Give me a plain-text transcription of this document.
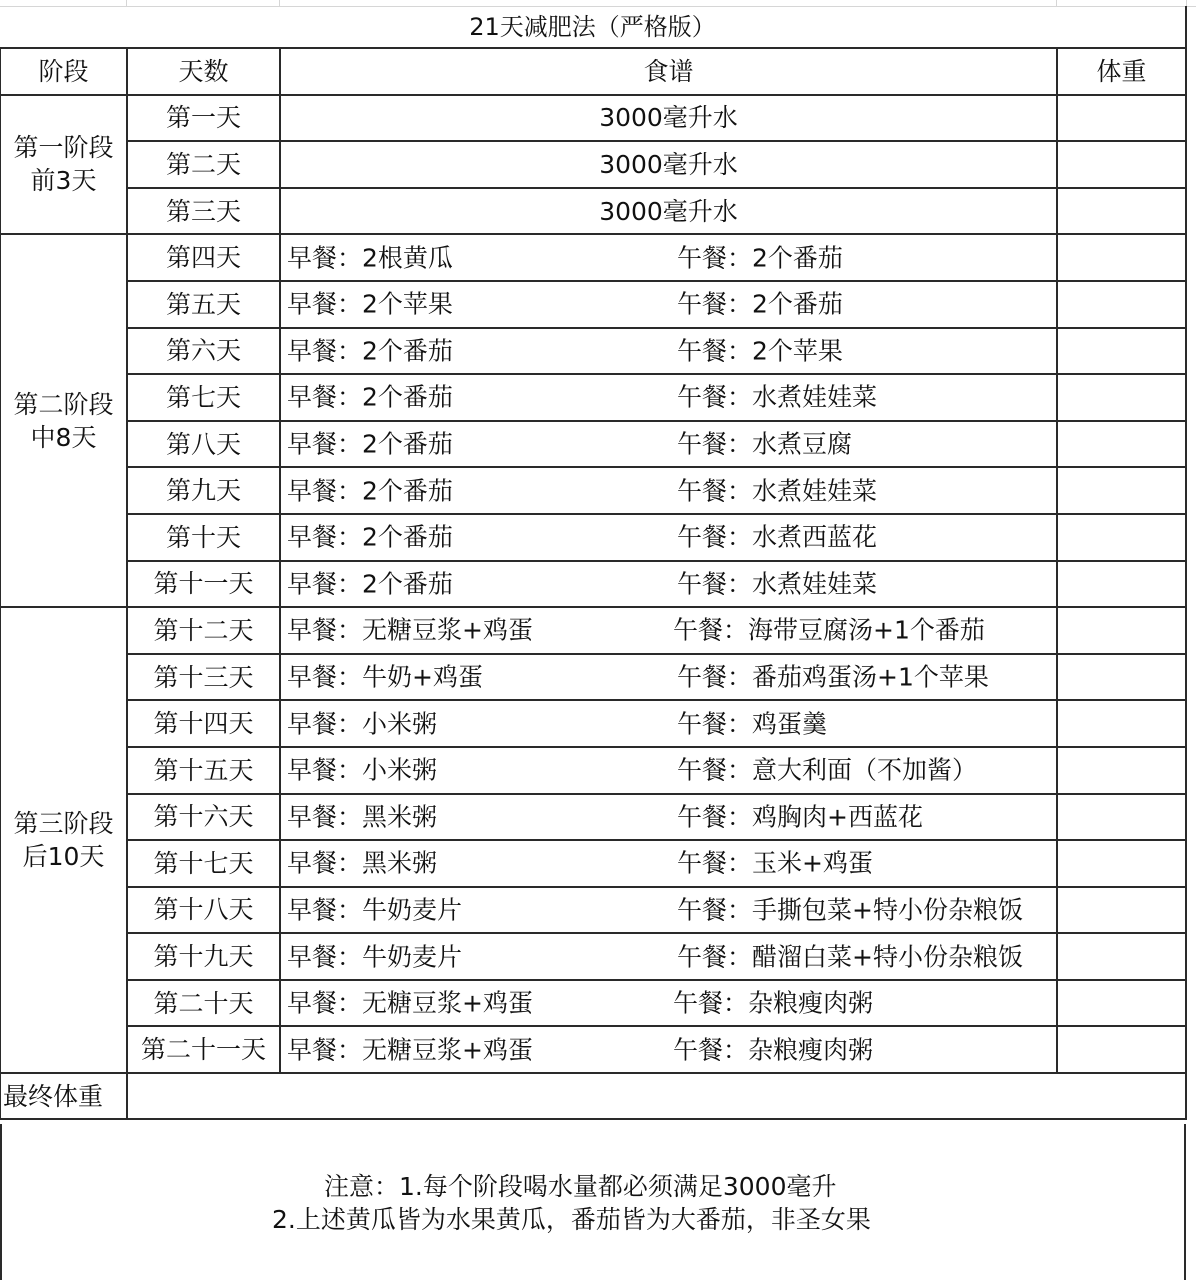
21天减肥法（严格版）			
阶段	天数	食谱	体重
第一阶段
前3天	第一天	3000毫升水	
	第二天	3000毫升水	
	第三天	3000毫升水	
第二阶段
中8天	第四天	早餐：2根黄瓜 午餐：2个番茄	

	第五天	早餐：2个苹果 午餐：2个番茄	

	第六天	早餐：2个番茄 午餐：2个苹果	

	第七天	早餐：2个番茄 午餐：水煮娃娃菜	

	第八天	早餐：2个番茄 午餐：水煮豆腐	

	第九天	早餐：2个番茄 午餐：水煮娃娃菜	

	第十天	早餐：2个番茄 午餐：水煮西蓝花	

	第十一天	早餐：2个番茄 午餐：水煮娃娃菜	

第三阶段
后10天	第十二天	早餐：无糖豆浆+鸡蛋 午餐：海带豆腐汤+1个番茄	

	第十三天	早餐：牛奶+鸡蛋 午餐：番茄鸡蛋汤+1个苹果	

	第十四天	早餐：小米粥 午餐：鸡蛋羹	

	第十五天	早餐：小米粥 午餐：意大利面（不加酱）	

	第十六天	早餐：黑米粥 午餐：鸡胸肉+西蓝花	

	第十七天	早餐：黑米粥 午餐：玉米+鸡蛋	

	第十八天	早餐：牛奶麦片 午餐：手撕包菜+特小份杂粮饭	

	第十九天	早餐：牛奶麦片 午餐：醋溜白菜+特小份杂粮饭	

	第二十天	早餐：无糖豆浆+鸡蛋 午餐：杂粮瘦肉粥	

	第二十一天	早餐：无糖豆浆+鸡蛋 午餐：杂粮瘦肉粥	

最终体重			
注意：1.每个阶段喝水量都必须满足3000毫升
2.上述黄瓜皆为水果黄瓜，番茄皆为大番茄，非圣女果
